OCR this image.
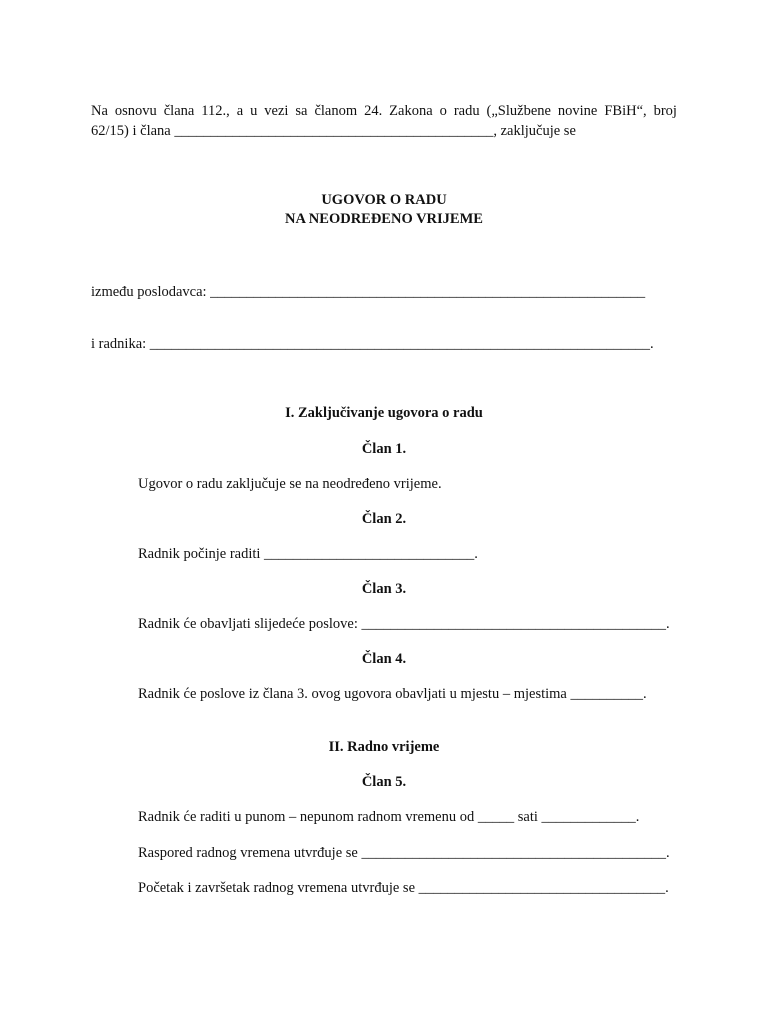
Na osnovu člana 112., a u vezi sa članom 24. Zakona o radu („Službene novine FBiH“, broj
62/15) i člana ____________________________________________, zaključuje se
UGOVOR O RADU
NA NEODREĐENO VRIJEME
između poslodavca: ____________________________________________________________
i radnika: _____________________________________________________________________.
I. Zaključivanje ugovora o radu
Član 1.
Ugovor o radu zaključuje se na neodređeno vrijeme.
Član 2.
Radnik počinje raditi _____________________________.
Član 3.
Radnik će obavljati slijedeće poslove: __________________________________________.
Član 4.
Radnik će poslove iz člana 3. ovog ugovora obavljati u mjestu – mjestima __________.
II. Radno vrijeme
Član 5.
Radnik će raditi u punom – nepunom radnom vremenu od _____ sati _____________.
Raspored radnog vremena utvrđuje se __________________________________________.
Početak i završetak radnog vremena utvrđuje se __________________________________.
